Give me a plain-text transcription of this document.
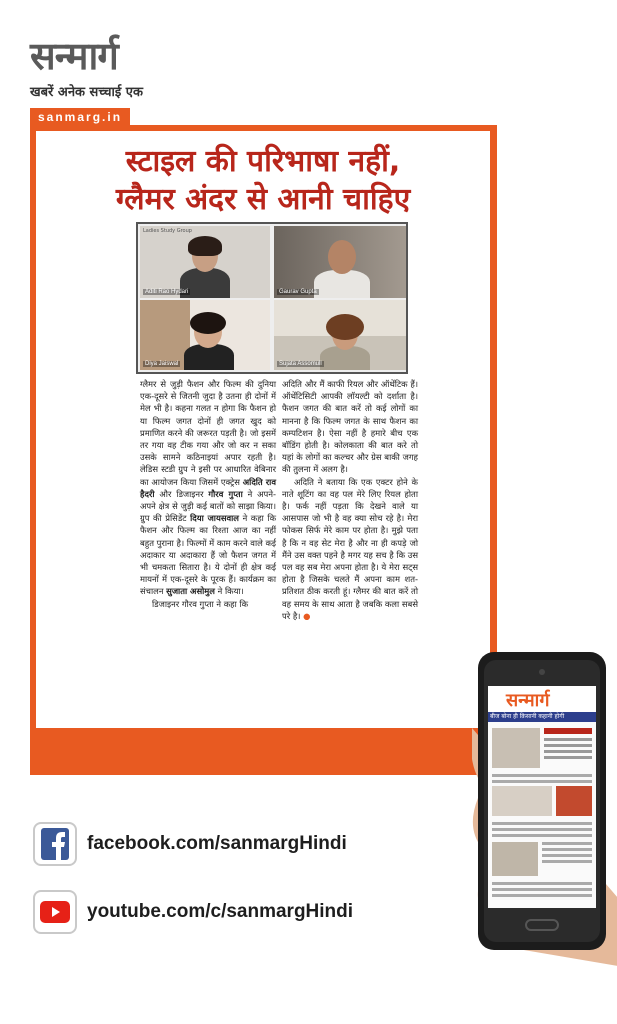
सन्मार्ग
खबरें अनेक सच्चाई एक
sanmarg.in
स्टाइल की परिभाषा नहीं,
ग्लैमर अंदर से आनी चाहिए
Ladies Study Group
Aditi Rao Hydari	Gaurav Gupta
Diya Jaiswal	Sujata Assomull
ग्लैमर से जुड़ी फैशन और फिल्म की दुनिया एक-दूसरे से जितनी जुदा है उतना ही दोनों में मेल भी है। कहना गलत न होगा कि फैशन हो या फिल्म जगत दोनों ही जगत खुद को प्रमाणित करने की जरूरत पड़ती है। जो इसमें तर गया वह टीक गया और जो कर न सका उसके सामने कठिनाइयां अपार रहती है। लेडिस स्टडी ग्रुप ने इसी पर आधारित वेबिनार का आयोजन किया जिसमें एक्ट्रेस अदिति राव हैदरी और डिजाइनर गौरव गुप्ता ने अपने-अपने क्षेत्र से जुड़ी कई बातों को साझा किया। ग्रुप की प्रेसिडेंट दिया जायसवाल ने कहा कि फैशन और फिल्म का रिश्ता आज का नहीं बहुत पुराना है। फिल्मों में काम करने वाले कई अदाकार या अदाकारा हैं जो फैशन जगत में भी चमकता सितारा है। ये दोनों ही क्षेत्र कई मायनों में एक-दूसरे के पूरक हैं। कार्यक्रम का संचालन सुजाता असोमुल ने किया।

डिजाइनर गौरव गुप्ता ने कहा कि

अदिति और मैं काफी रियल और ऑथेंटिक हैं। ऑथेंटिसिटी आपकी लॉयल्टी को दर्शाता है। फैशन जगत की बात करें तो कई लोगों का मानना है कि फिल्म जगत के साथ फैशन का कम्पटिशन है। ऐसा नहीं है हमारे बीच एक बॉडिंग होती है। कोलकाता की बात करे तो यहां के लोगों का कल्चर और ग्रेस बाकी जगह की तुलना में अलग है।

अदिति ने बताया कि एक एक्टर होने के नाते शूटिंग का वह पल मेरे लिए रियल होता है। फर्क नहीं पड़ता कि देखने वाले या आसपास जो भी है वह क्या सोच रहे है। मेरा फोकस सिर्फ मेरे काम पर होता है। मुझे पता है कि न वह सेट मेरा है और ना ही कपड़े जो मैंने उस वक्त पहने है मगर यह सच है कि उस पल वह सब मेरा अपना होता है। ये मेरा सट्स होता है जिसके चलते मैं अपना काम शत-प्रतिशत ठीक करती हूं। ग्लैमर की बात करें तो वह समय के साथ आता है जबकि कला सबसे परे है। ●

facebook.com/sanmargHindi
youtube.com/c/sanmargHindi
सन्मार्ग
बीज बोना ही क़िसानी कहानी होगी
